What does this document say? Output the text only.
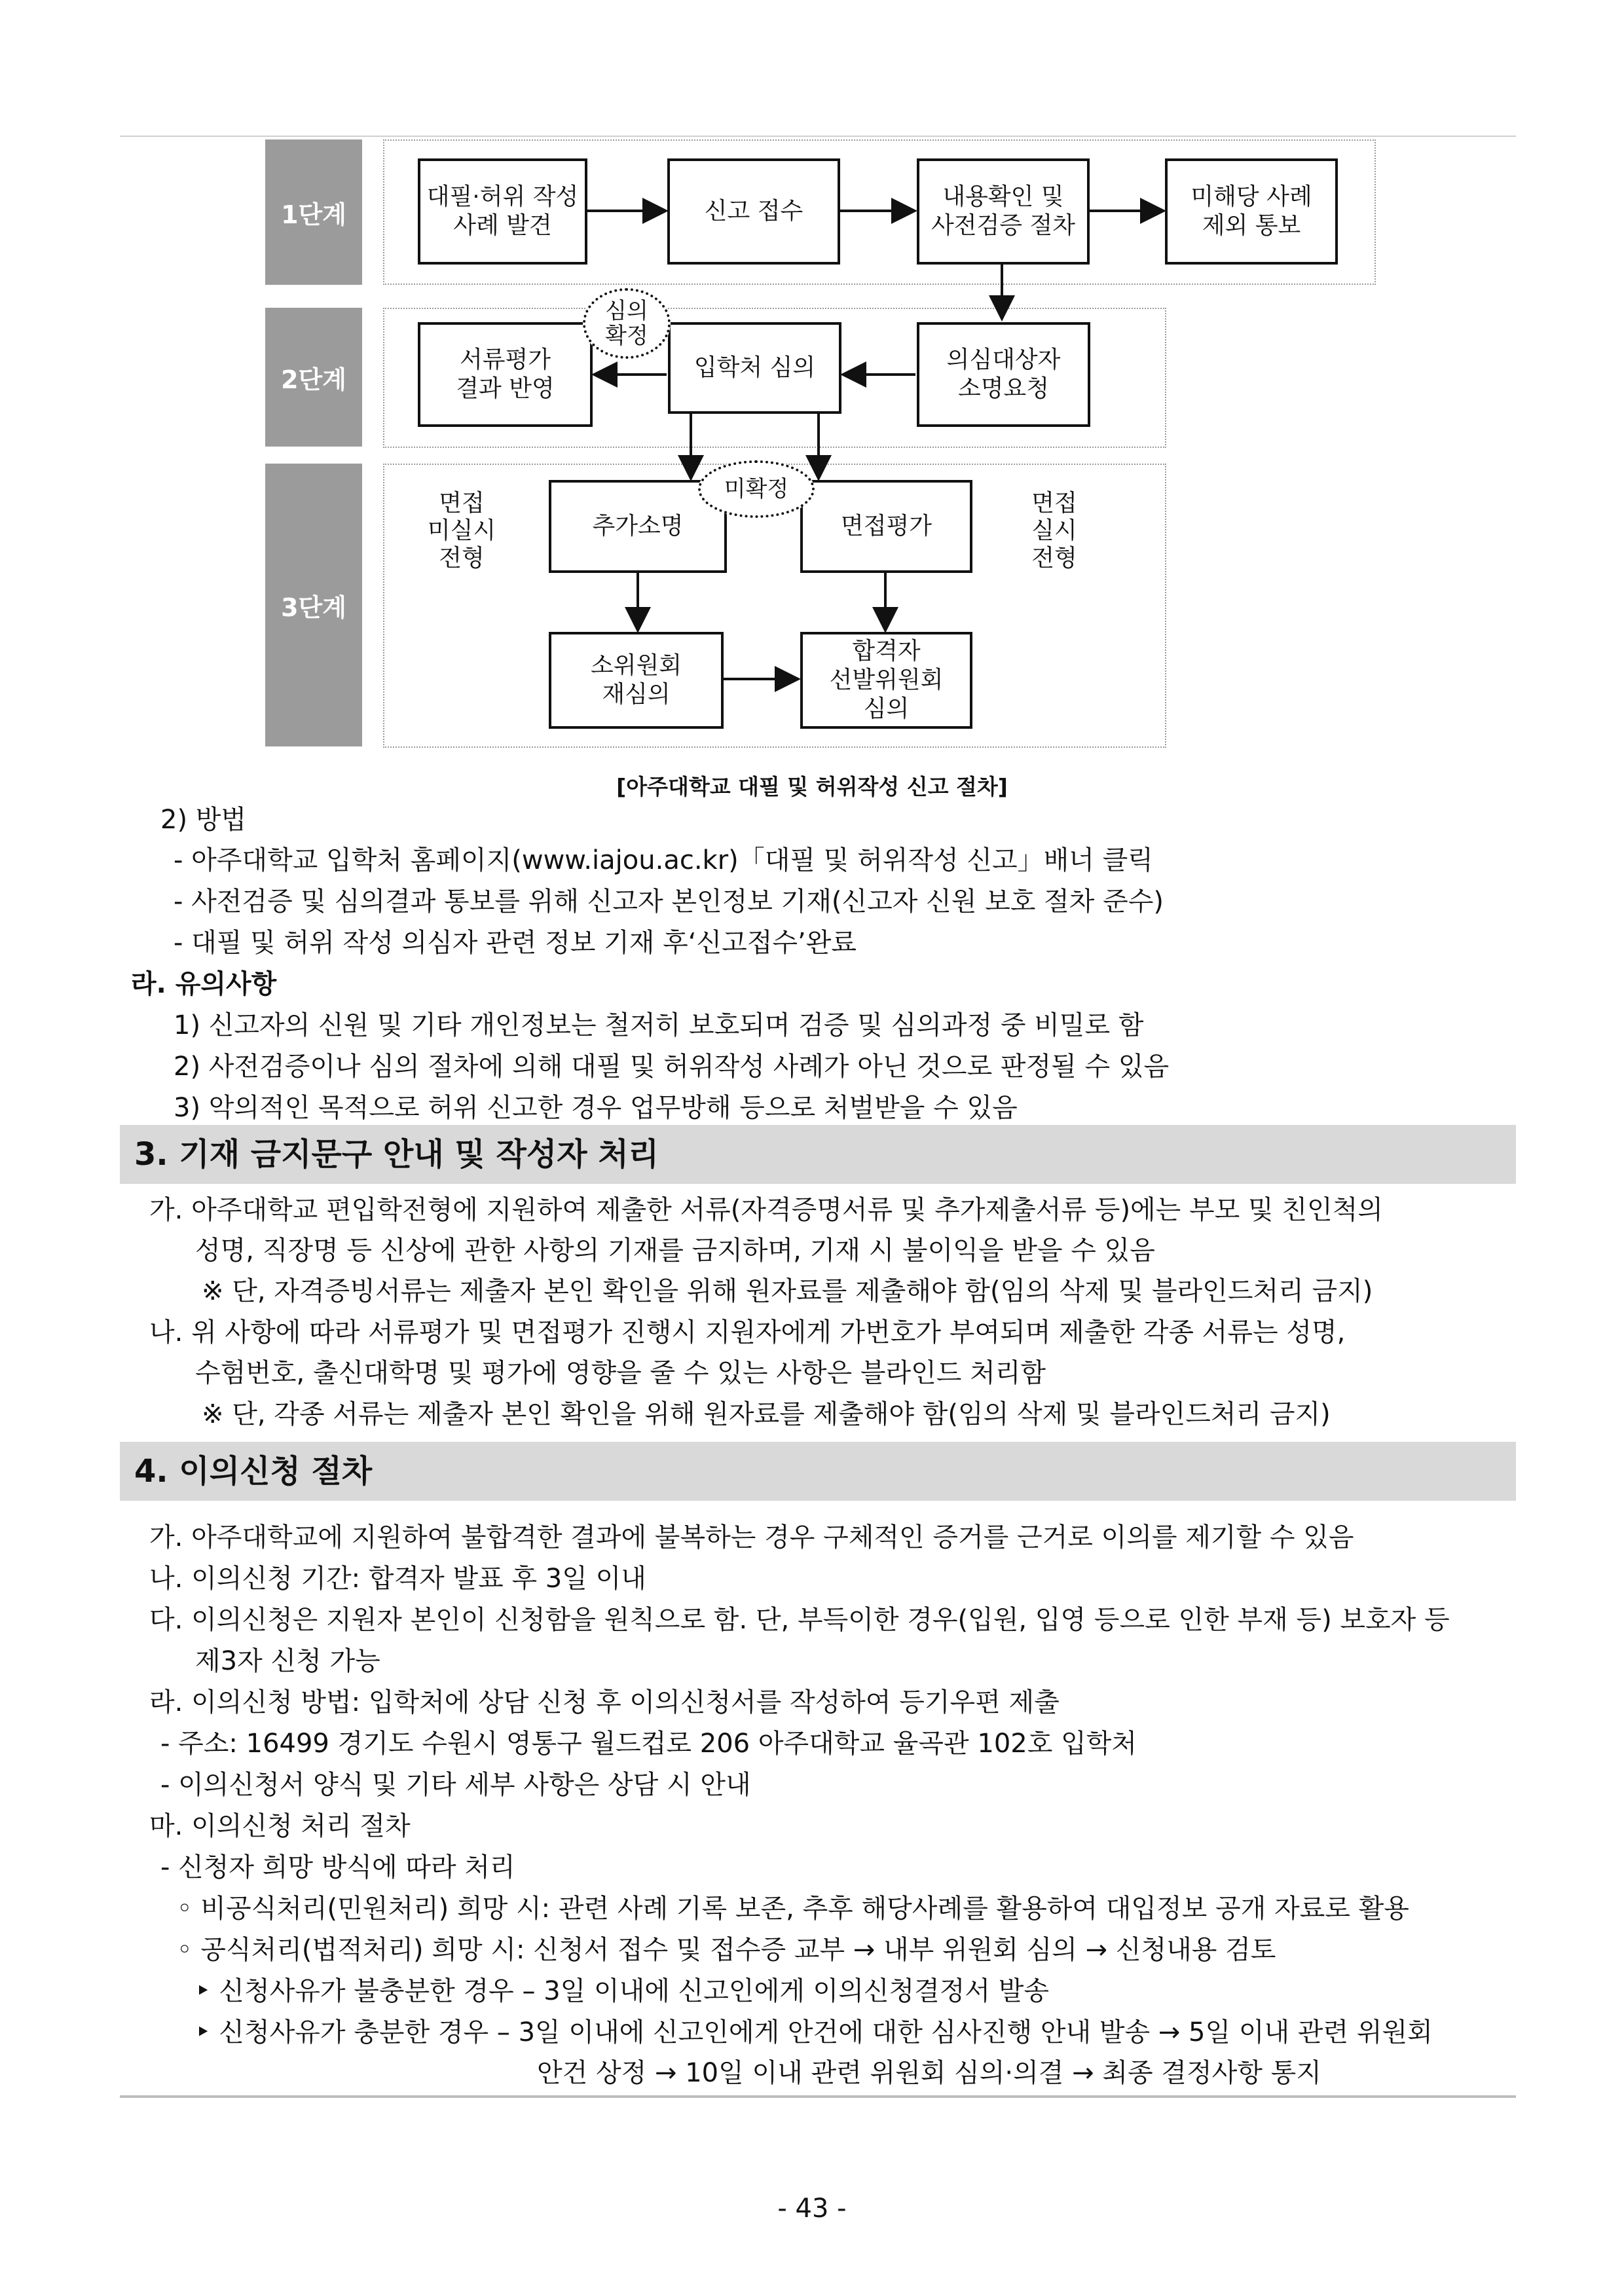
1단계
2단계
3단계
대필·허위 작성
사례 발견
신고 접수
내용확인 및
사전검증 절차
미해당 사례
제외 통보
서류평가
결과 반영
입학처 심의	의심대상자
소명요청
심의
확정
추가소명	면접평가
미확정
면접
미실시
전형
면접
실시
전형
소위원회
재심의
합격자
선발위원회
심의
[아주대학교 대필 및 허위작성 신고 절차]
2) 방법
- 아주대학교 입학처 홈페이지(www.iajou.ac.kr)「대필 및 허위작성 신고」배너 클릭
- 사전검증 및 심의결과 통보를 위해 신고자 본인정보 기재(신고자 신원 보호 절차 준수)
- 대필 및 허위 작성 의심자 관련 정보 기재 후‘신고접수’완료
라. 유의사항
1) 신고자의 신원 및 기타 개인정보는 철저히 보호되며 검증 및 심의과정 중 비밀로 함
2) 사전검증이나 심의 절차에 의해 대필 및 허위작성 사례가 아닌 것으로 판정될 수 있음
3) 악의적인 목적으로 허위 신고한 경우 업무방해 등으로 처벌받을 수 있음
3. 기재 금지문구 안내 및 작성자 처리
가. 아주대학교 편입학전형에 지원하여 제출한 서류(자격증명서류 및 추가제출서류 등)에는 부모 및 친인척의
성명, 직장명 등 신상에 관한 사항의 기재를 금지하며, 기재 시 불이익을 받을 수 있음
※ 단, 자격증빙서류는 제출자 본인 확인을 위해 원자료를 제출해야 함(임의 삭제 및 블라인드처리 금지)
나. 위 사항에 따라 서류평가 및 면접평가 진행시 지원자에게 가번호가 부여되며 제출한 각종 서류는 성명,
수험번호, 출신대학명 및 평가에 영향을 줄 수 있는 사항은 블라인드 처리함
※ 단, 각종 서류는 제출자 본인 확인을 위해 원자료를 제출해야 함(임의 삭제 및 블라인드처리 금지)
4. 이의신청 절차
가. 아주대학교에 지원하여 불합격한 결과에 불복하는 경우 구체적인 증거를 근거로 이의를 제기할 수 있음
나. 이의신청 기간: 합격자 발표 후 3일 이내
다. 이의신청은 지원자 본인이 신청함을 원칙으로 함. 단, 부득이한 경우(입원, 입영 등으로 인한 부재 등) 보호자 등
제3자 신청 가능
라. 이의신청 방법: 입학처에 상담 신청 후 이의신청서를 작성하여 등기우편 제출
- 주소: 16499 경기도 수원시 영통구 월드컵로 206 아주대학교 율곡관 102호 입학처
- 이의신청서 양식 및 기타 세부 사항은 상담 시 안내
마. 이의신청 처리 절차
- 신청자 희망 방식에 따라 처리
◦ 비공식처리(민원처리) 희망 시: 관련 사례 기록 보존, 추후 해당사례를 활용하여 대입정보 공개 자료로 활용
◦ 공식처리(법적처리) 희망 시: 신청서 접수 및 접수증 교부 → 내부 위원회 심의 → 신청내용 검토
‣ 신청사유가 불충분한 경우 – 3일 이내에 신고인에게 이의신청결정서 발송
‣ 신청사유가 충분한 경우 – 3일 이내에 신고인에게 안건에 대한 심사진행 안내 발송 → 5일 이내 관련 위원회
안건 상정 → 10일 이내 관련 위원회 심의·의결 → 최종 결정사항 통지
- 43 -
